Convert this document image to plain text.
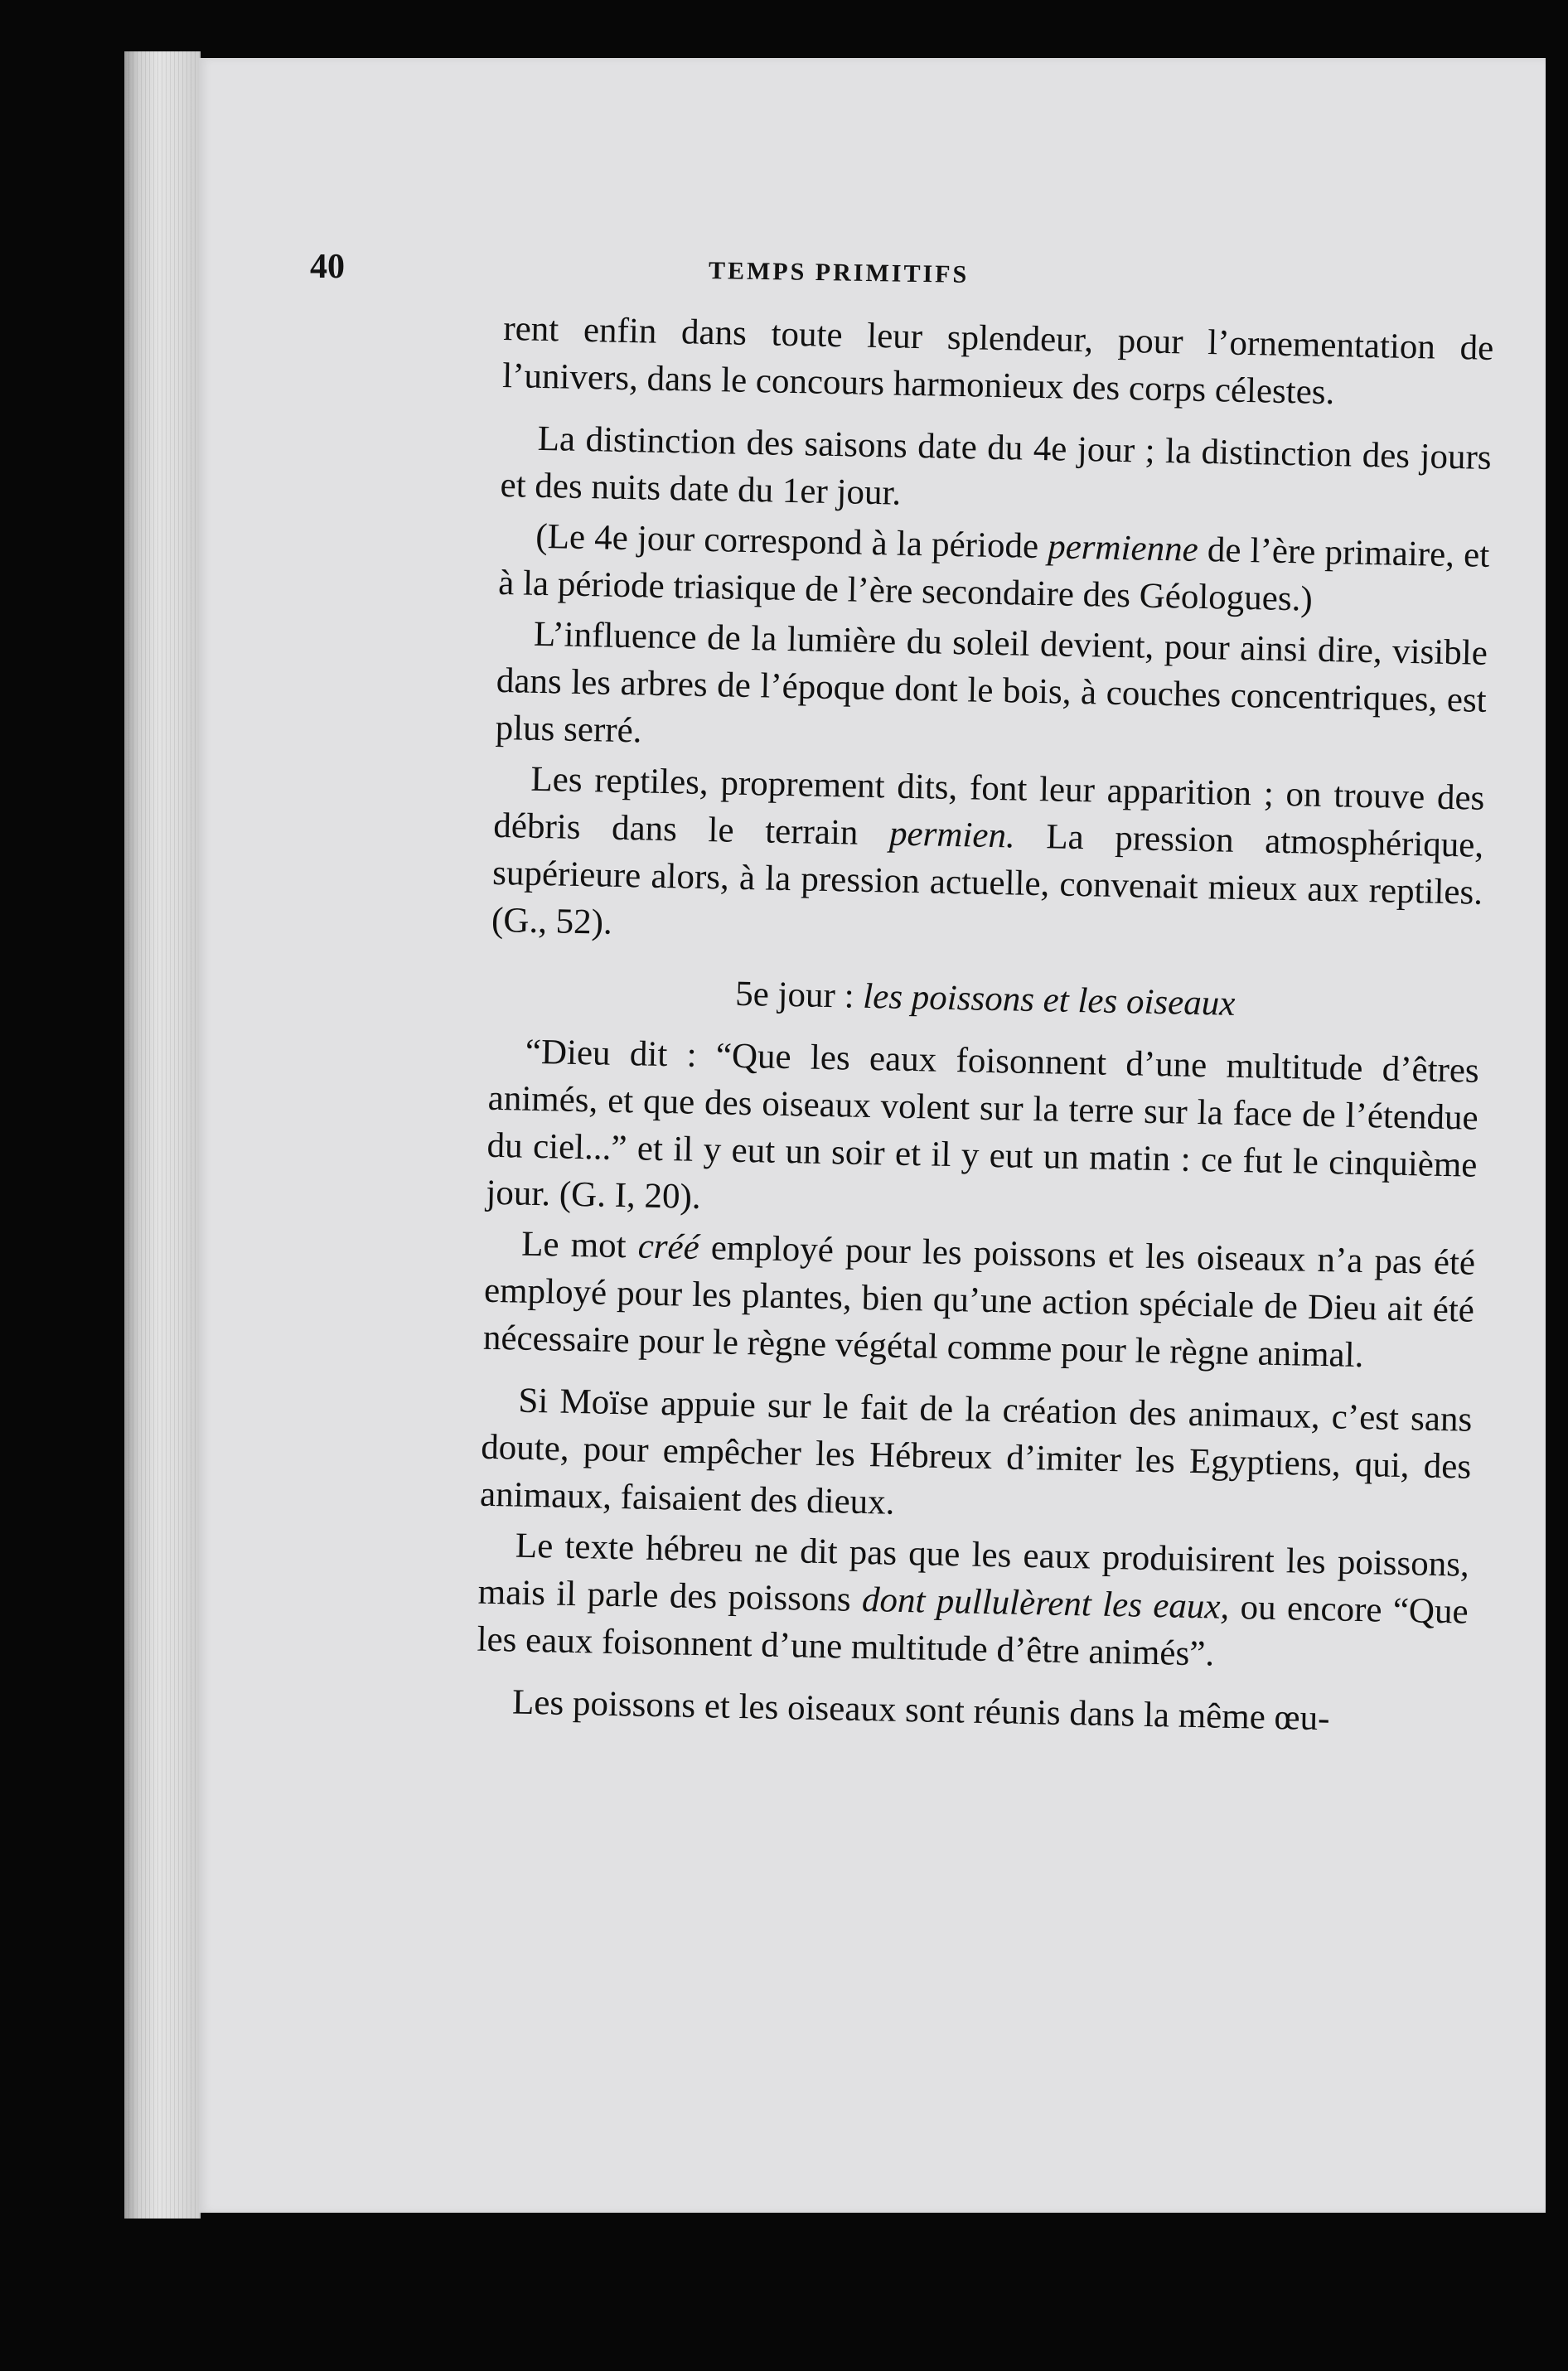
40	TEMPS PRIMITIFS

rent enfin dans toute leur splendeur, pour l’ornementation de l’univers, dans le concours harmonieux des corps célestes.

La distinction des saisons date du 4e jour ; la distinction des jours et des nuits date du 1er jour.

(Le 4e jour correspond à la période permienne de l’ère primaire, et à la période triasique de l’ère secondaire des Géologues.)

L’influence de la lumière du soleil devient, pour ainsi dire, visible dans les arbres de l’époque dont le bois, à couches concentriques, est plus serré.

Les reptiles, proprement dits, font leur apparition ; on trouve des débris dans le terrain permien. La pression atmosphérique, supérieure alors, à la pression actuelle, convenait mieux aux reptiles. (G., 52).

5e jour : les poissons et les oiseaux

“Dieu dit : “Que les eaux foisonnent d’une multitude d’êtres animés, et que des oiseaux volent sur la terre sur la face de l’étendue du ciel...” et il y eut un soir et il y eut un matin : ce fut le cinquième jour. (G. I, 20).

Le mot créé employé pour les poissons et les oiseaux n’a pas été employé pour les plantes, bien qu’une action spéciale de Dieu ait été nécessaire pour le règne végétal comme pour le règne animal.

Si Moïse appuie sur le fait de la création des animaux, c’est sans doute, pour empêcher les Hébreux d’imiter les Egyptiens, qui, des animaux, faisaient des dieux.

Le texte hébreu ne dit pas que les eaux produisirent les poissons, mais il parle des poissons dont pullulèrent les eaux, ou encore “Que les eaux foisonnent d’une multitude d’être animés”.

Les poissons et les oiseaux sont réunis dans la même œu-
